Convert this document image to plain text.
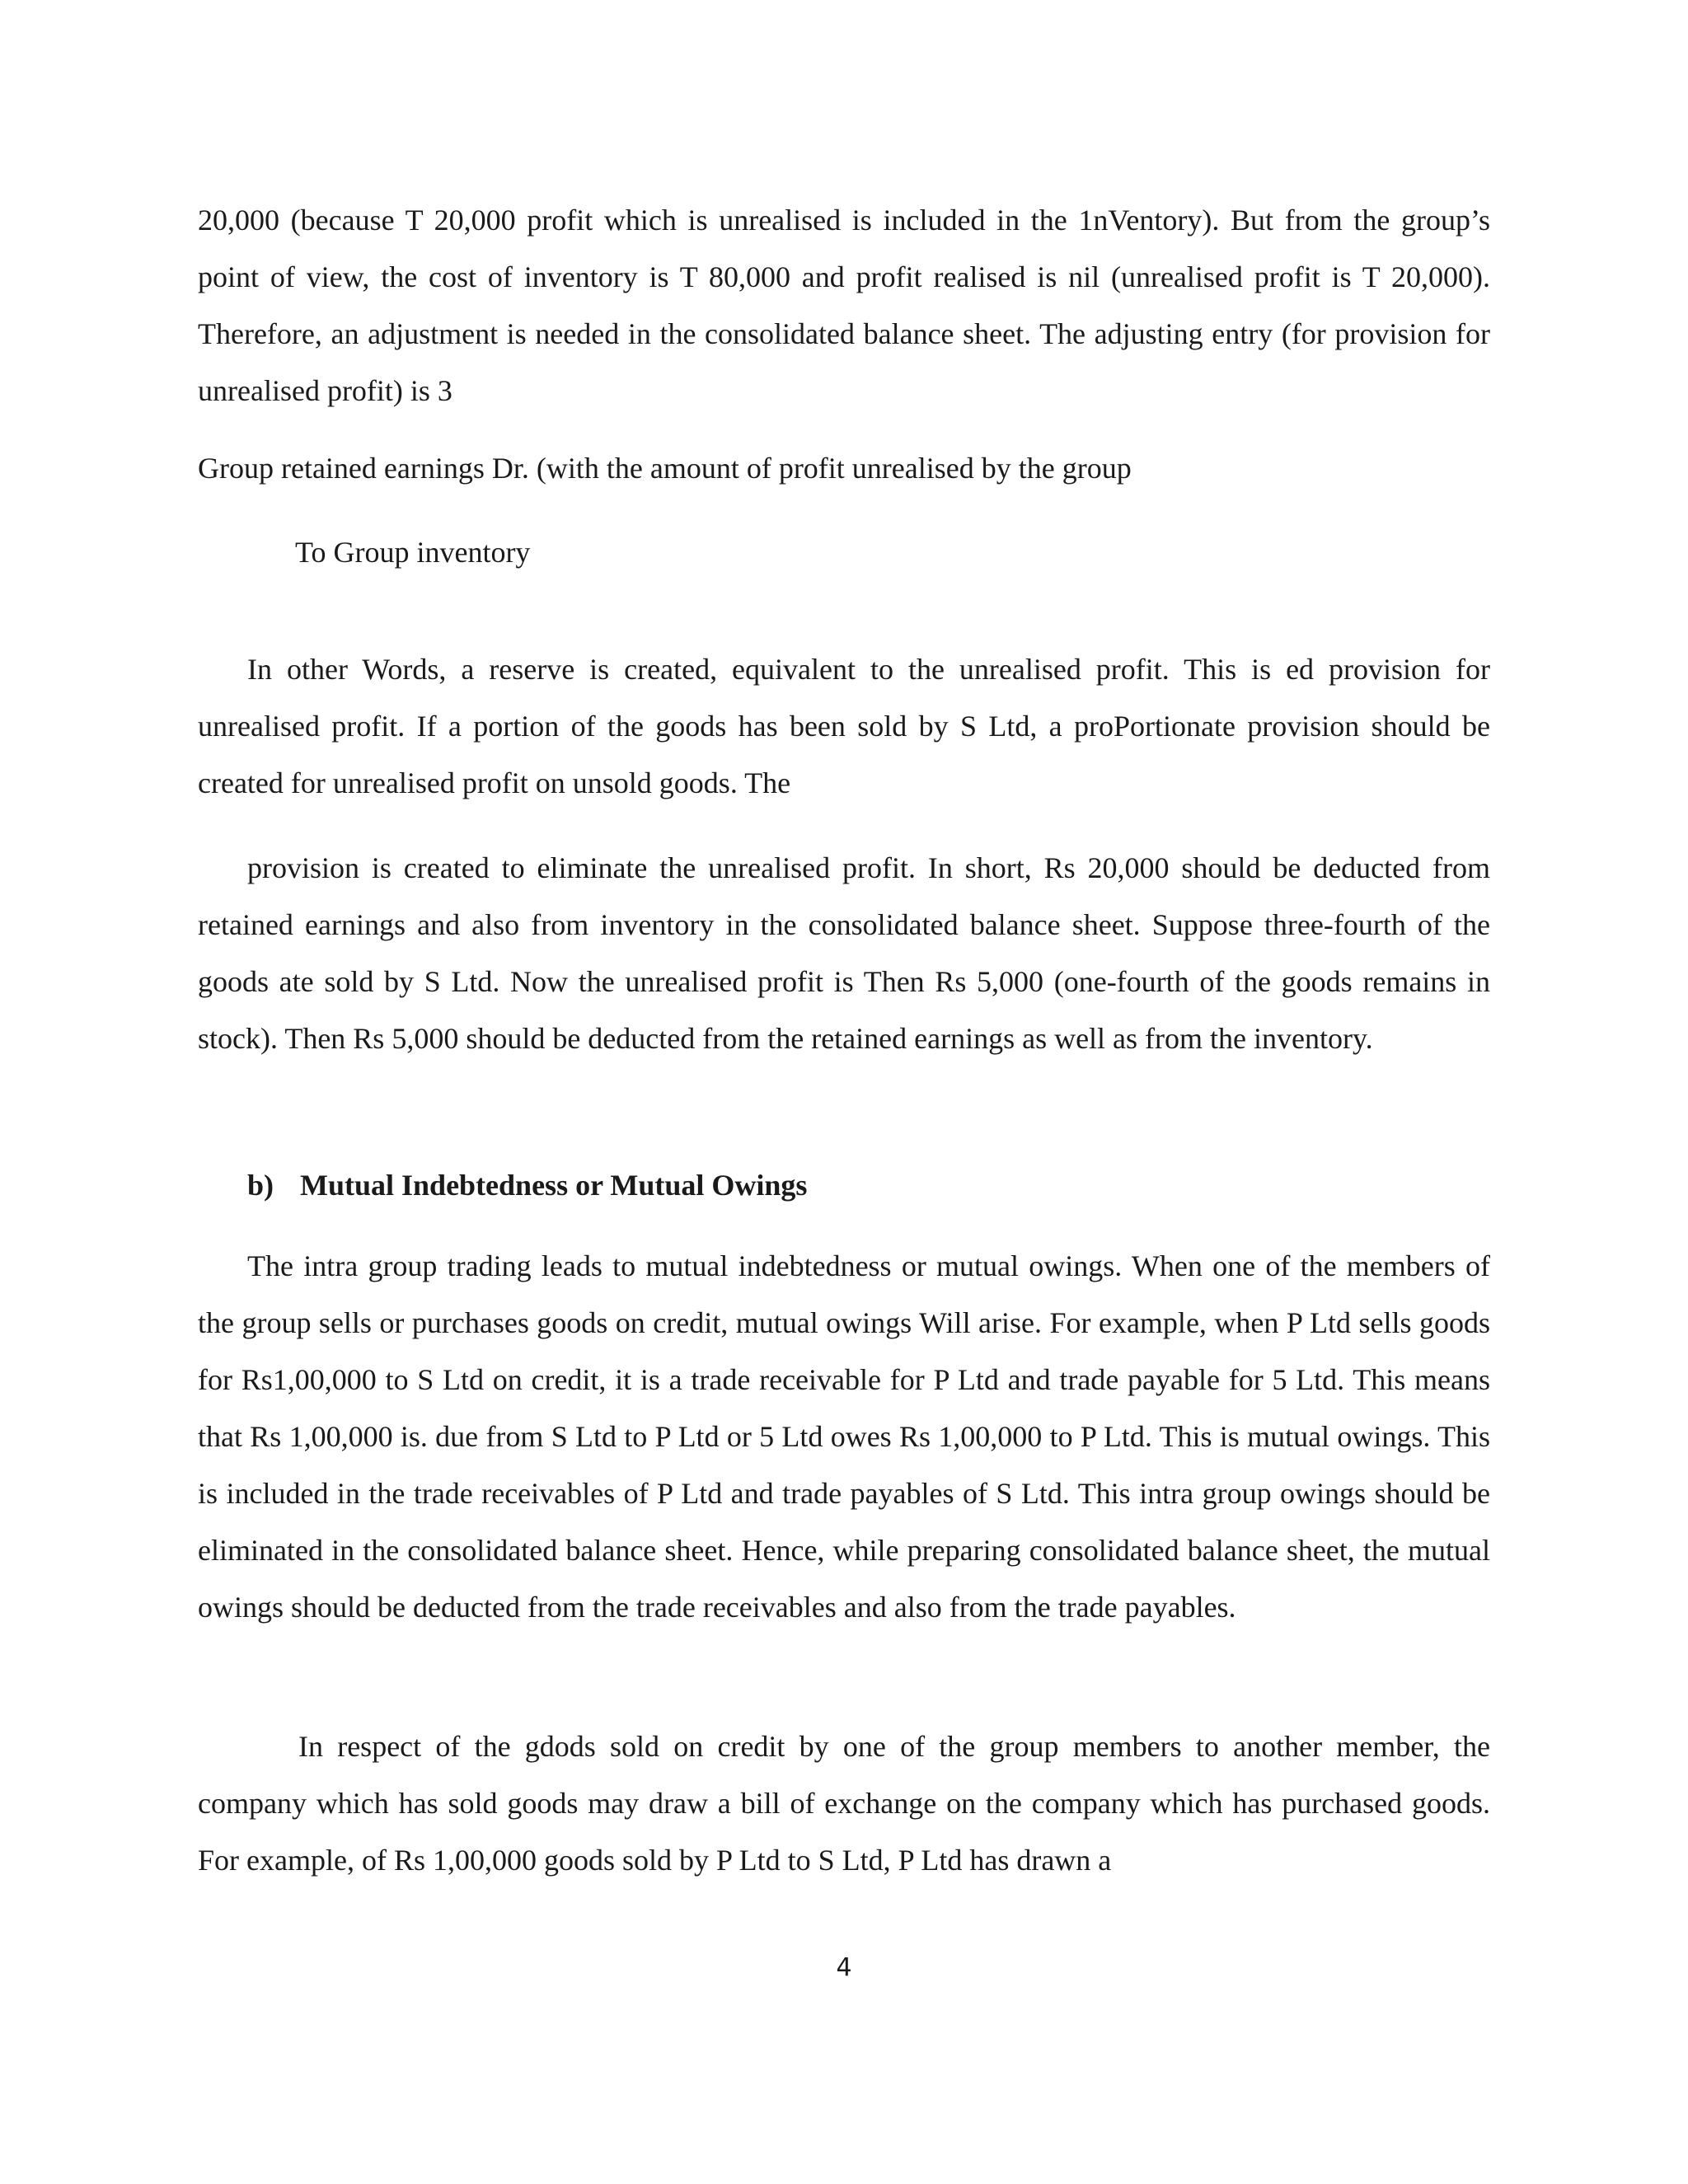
20,000 (because T 20,000 profit which is unrealised is included in the 1nVentory). But from the group’s point of view, the cost of inventory is T 80,000 and profit realised is nil (unrealised profit is T 20,000). Therefore, an adjustment is needed in the consolidated balance sheet. The adjusting entry (for provision for unrealised profit) is 3

Group retained earnings Dr. (with the amount of profit unrealised by the group
To Group inventory

In other Words, a reserve is created, equivalent to the unrealised profit. This is ed provision for unrealised profit. If a portion of the goods has been sold by S Ltd, a proPortionate provision should be created for unrealised profit on unsold goods. The

provision is created to eliminate the unrealised profit. In short, Rs 20,000 should be deducted from retained earnings and also from inventory in the consolidated balance sheet. Suppose three-fourth of the goods ate sold by S Ltd. Now the unrealised profit is Then Rs 5,000 (one-fourth of the goods remains in stock). Then Rs 5,000 should be deducted from the retained earnings as well as from the inventory.

b) Mutual Indebtedness or Mutual Owings

The intra group trading leads to mutual indebtedness or mutual owings. When one of the members of the group sells or purchases goods on credit, mutual owings Will arise. For example, when P Ltd sells goods for Rs1,00,000 to S Ltd on credit, it is a trade receivable for P Ltd and trade payable for 5 Ltd. This means that Rs 1,00,000 is. due from S Ltd to P Ltd or 5 Ltd owes Rs 1,00,000 to P Ltd. This is mutual owings. This is included in the trade receivables of P Ltd and trade payables of S Ltd. This intra group owings should be eliminated in the consolidated balance sheet. Hence, while preparing consolidated balance sheet, the mutual owings should be deducted from the trade receivables and also from the trade payables.

In respect of the gdods sold on credit by one of the group members to another member, the company which has sold goods may draw a bill of exchange on the company which has purchased goods. For example, of Rs 1,00,000 goods sold by P Ltd to S Ltd, P Ltd has drawn a

4
